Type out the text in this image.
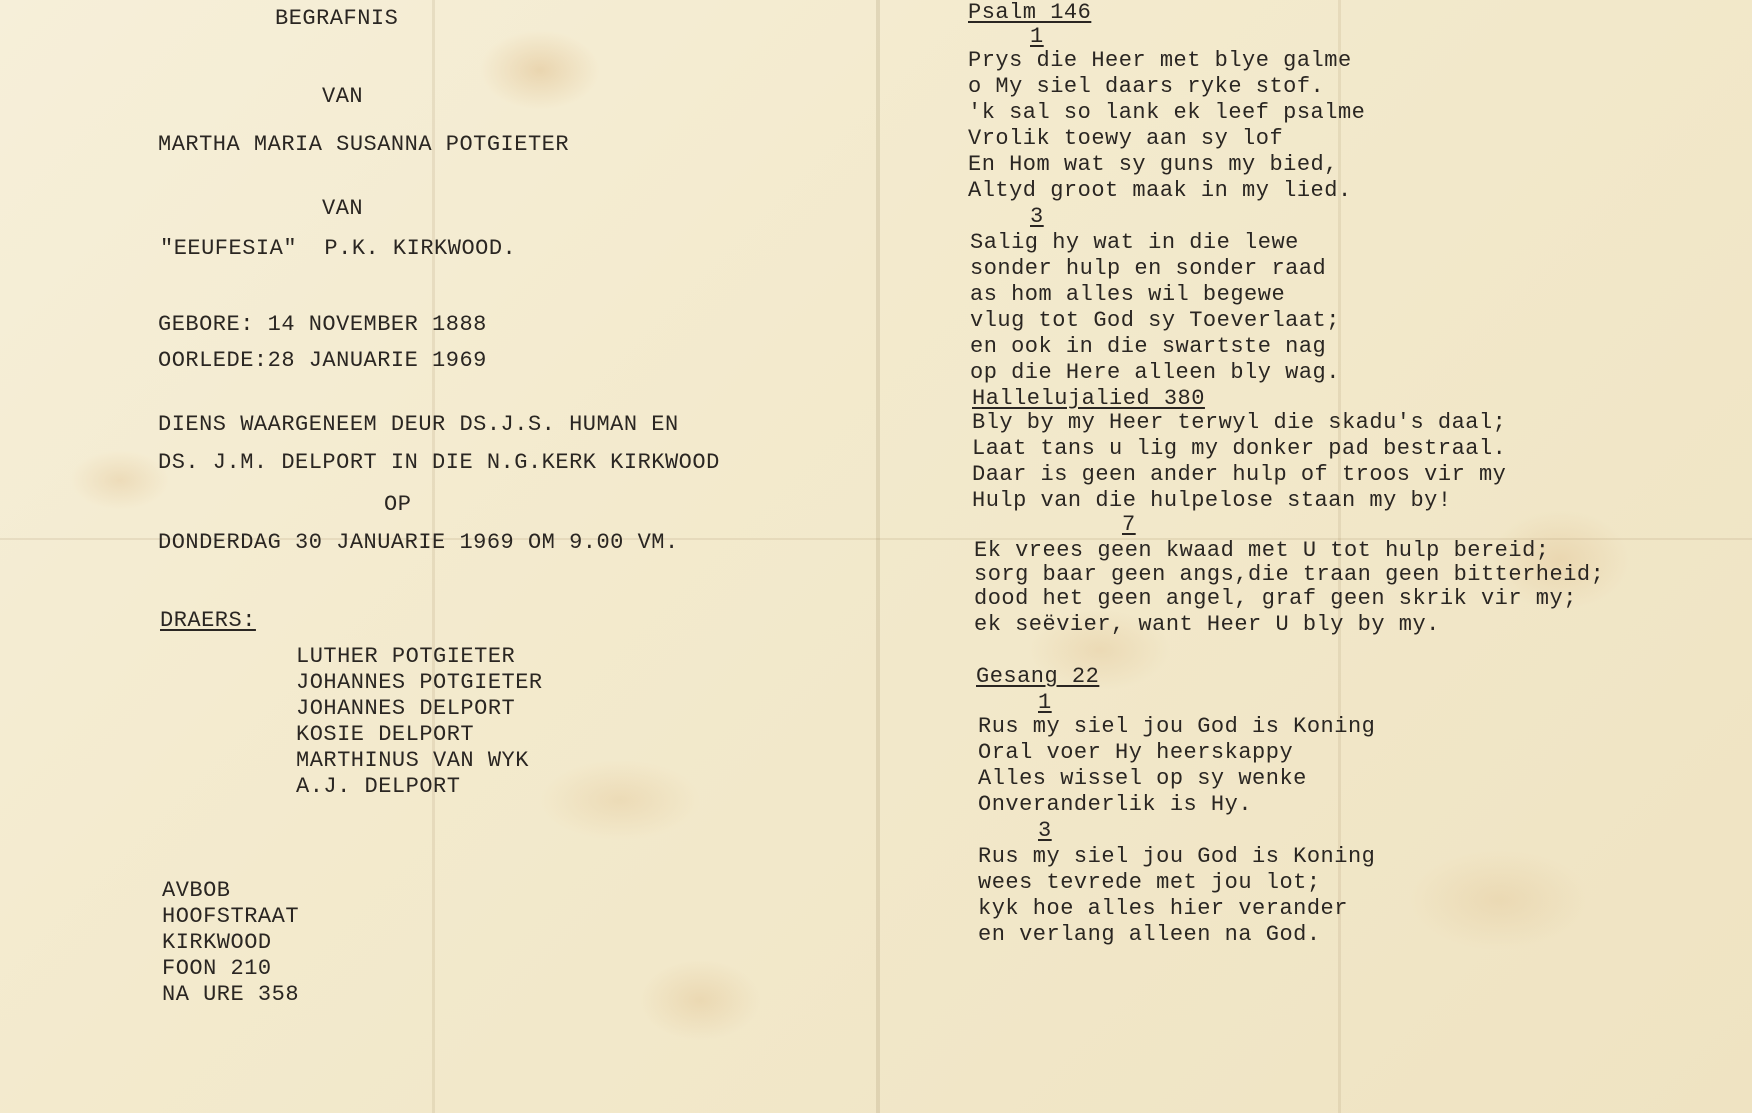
BEGRAFNIS
VAN
MARTHA MARIA SUSANNA POTGIETER
VAN
"EEUFESIA"  P.K. KIRKWOOD.
GEBORE: 14 NOVEMBER 1888
OORLEDE:28 JANUARIE 1969
DIENS WAARGENEEM DEUR DS.J.S. HUMAN EN
DS. J.M. DELPORT IN DIE N.G.KERK KIRKWOOD
OP
DONDERDAG 30 JANUARIE 1969 OM 9.00 VM.
DRAERS:
LUTHER POTGIETER
JOHANNES POTGIETER
JOHANNES DELPORT
KOSIE DELPORT
MARTHINUS VAN WYK
A.J. DELPORT
AVBOB
HOOFSTRAAT
KIRKWOOD
FOON 210
NA URE 358
Psalm 146
1
Prys die Heer met blye galme
o My siel daars ryke stof.
'k sal so lank ek leef psalme
Vrolik toewy aan sy lof
En Hom wat sy guns my bied,
Altyd groot maak in my lied.
3
Salig hy wat in die lewe
sonder hulp en sonder raad
as hom alles wil begewe
vlug tot God sy Toeverlaat;
en ook in die swartste nag
op die Here alleen bly wag.
Hallelujalied 380
Bly by my Heer terwyl die skadu's daal;
Laat tans u lig my donker pad bestraal.
Daar is geen ander hulp of troos vir my
Hulp van die hulpelose staan my by!
7
Ek vrees geen kwaad met U tot hulp bereid;
sorg baar geen angs,die traan geen bitterheid;
dood het geen angel, graf geen skrik vir my;
ek seëvier, want Heer U bly by my.
Gesang 22
1
Rus my siel jou God is Koning
Oral voer Hy heerskappy
Alles wissel op sy wenke
Onveranderlik is Hy.
3
Rus my siel jou God is Koning
wees tevrede met jou lot;
kyk hoe alles hier verander
en verlang alleen na God.
